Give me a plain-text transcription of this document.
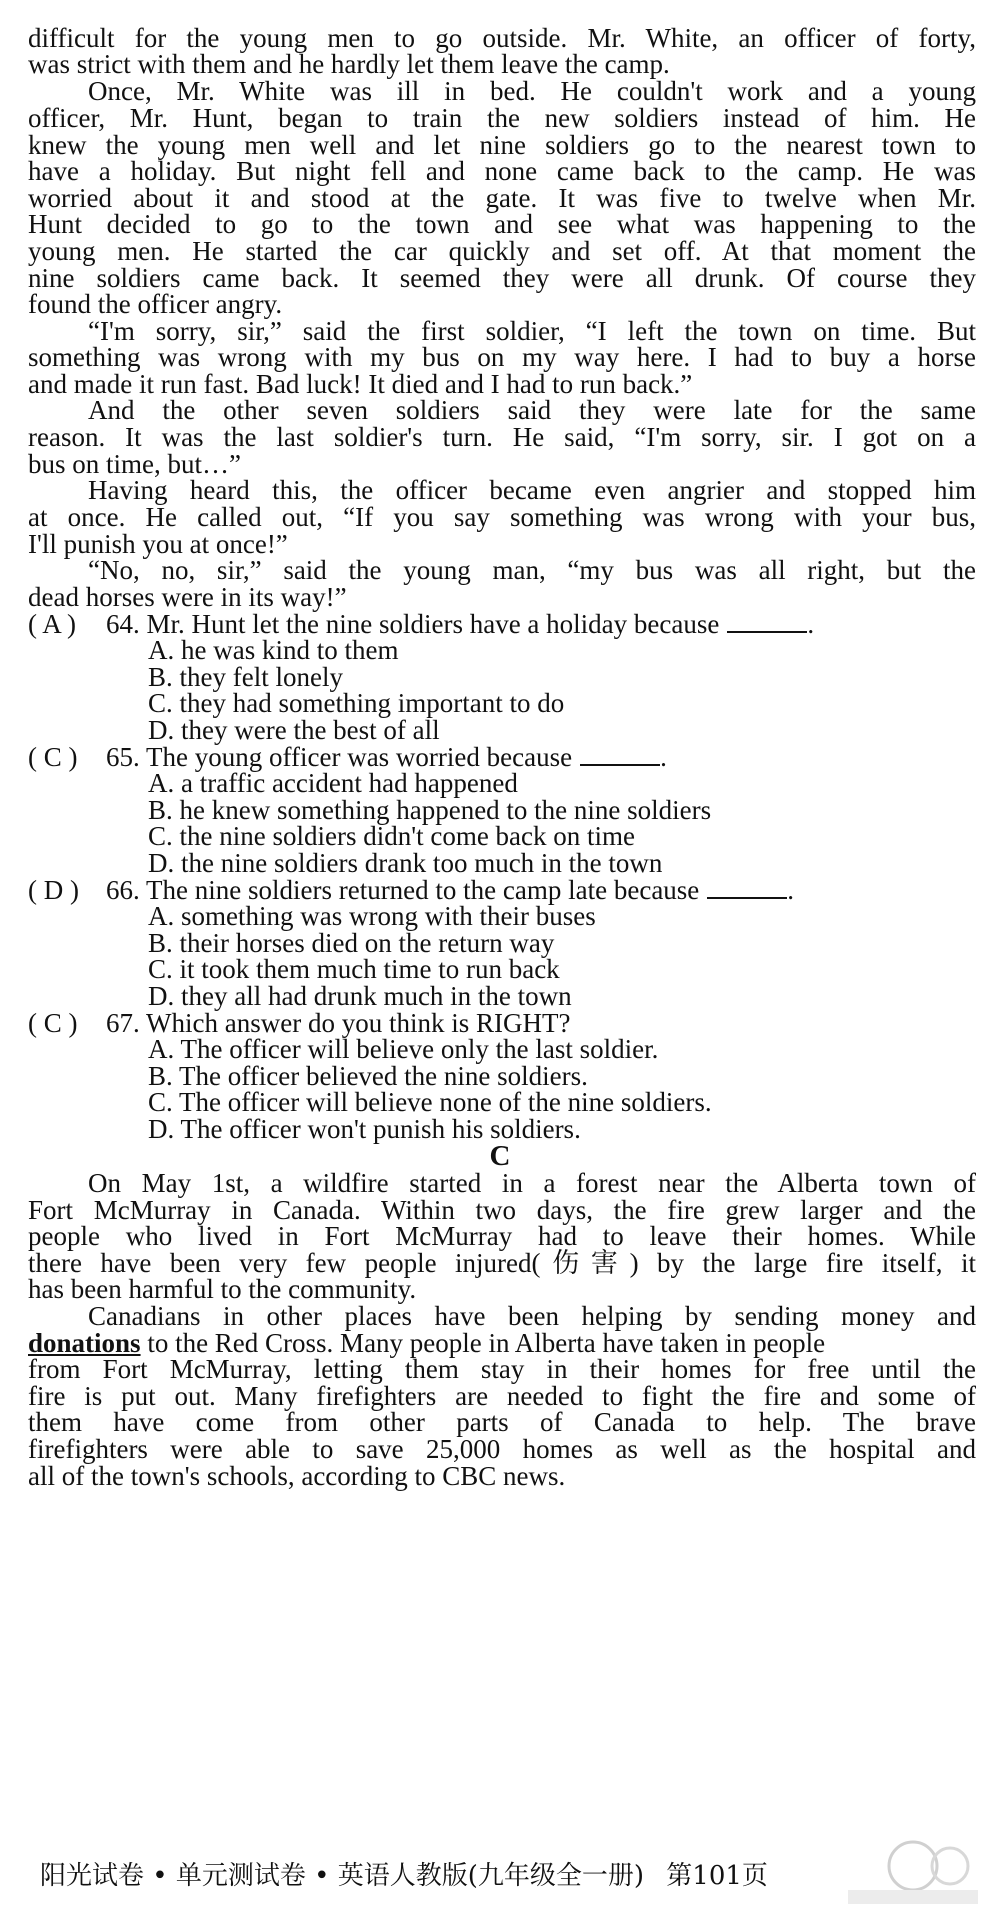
difficult for the young men to go outside. Mr. White, an officer of forty,
was strict with them and he hardly let them leave the camp.
Once, Mr. White was ill in bed. He couldn't work and a young
officer, Mr. Hunt, began to train the new soldiers instead of him. He
knew the young men well and let nine soldiers go to the nearest town to
have a holiday. But night fell and none came back to the camp. He was
worried about it and stood at the gate. It was five to twelve when Mr.
Hunt decided to go to the town and see what was happening to the
young men. He started the car quickly and set off. At that moment the
nine soldiers came back. It seemed they were all drunk. Of course they
found the officer angry.
“I'm sorry, sir,” said the first soldier, “I left the town on time. But
something was wrong with my bus on my way here. I had to buy a horse
and made it run fast. Bad luck! It died and I had to run back.”
And the other seven soldiers said they were late for the same
reason. It was the last soldier's turn. He said, “I'm sorry, sir. I got on a
bus on time, but…”
Having heard this, the officer became even angrier and stopped him
at once. He called out, “If you say something was wrong with your bus,
I'll punish you at once!”
“No, no, sir,” said the young man, “my bus was all right, but the
dead horses were in its way!”
( A ) 64. Mr. Hunt let the nine soldiers have a holiday because	.
A. he was kind to them
B. they felt lonely
C. they had something important to do
D. they were the best of all
( C ) 65. The young officer was worried because	.
A. a traffic accident had happened
B. he knew something happened to the nine soldiers
C. the nine soldiers didn't come back on time
D. the nine soldiers drank too much in the town
( D ) 66. The nine soldiers returned to the camp late because	.
A. something was wrong with their buses
B. their horses died on the return way
C. it took them much time to run back
D. they all had drunk much in the town
( C ) 67. Which answer do you think is RIGHT?
A. The officer will believe only the last soldier.
B. The officer believed the nine soldiers.
C. The officer will believe none of the nine soldiers.
D. The officer won't punish his soldiers.
C
On May 1st, a wildfire started in a forest near the Alberta town of
Fort McMurray in Canada. Within two days, the fire grew larger and the
people who lived in Fort McMurray had to leave their homes. While
there have been very few people injured(伤害) by the large fire itself, it
has been harmful to the community.
Canadians in other places have been helping by sending money and
donations to the Red Cross. Many people in Alberta have taken in people
from Fort McMurray, letting them stay in their homes for free until the
fire is put out. Many firefighters are needed to fight the fire and some of
them have come from other parts of Canada to help. The brave
firefighters were able to save 25,000 homes as well as the hospital and
all of the town's schools, according to CBC news.
阳光试卷 • 单元测试卷 • 英语人教版(九年级全一册) 第101页
